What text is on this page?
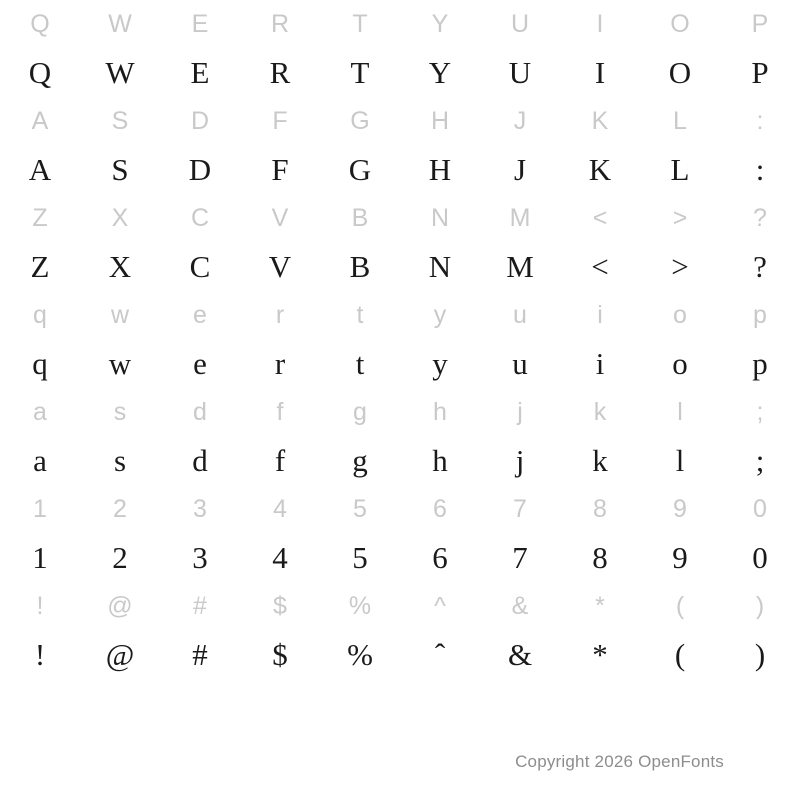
Q	W	E	R	T	Y	U	I	O	P
Q	W	E	R	T	Y	U	I	O	P
A	S	D	F	G	H	J	K	L	:
A	S	D	F	G	H	J	K	L	:
Z	X	C	V	B	N	M	<	>	?
Z	X	C	V	B	N	M	<	>	?
q	w	e	r	t	y	u	i	o	p
q	w	e	r	t	y	u	i	o	p
a	s	d	f	g	h	j	k	l	;
a	s	d	f	g	h	j	k	l	;
1	2	3	4	5	6	7	8	9	0
1	2	3	4	5	6	7	8	9	0
!	@	#	$	%	^	&	*	(	)
!	@	#	$	%	ˆ	&	*	(	)
Copyright 2026 OpenFonts
